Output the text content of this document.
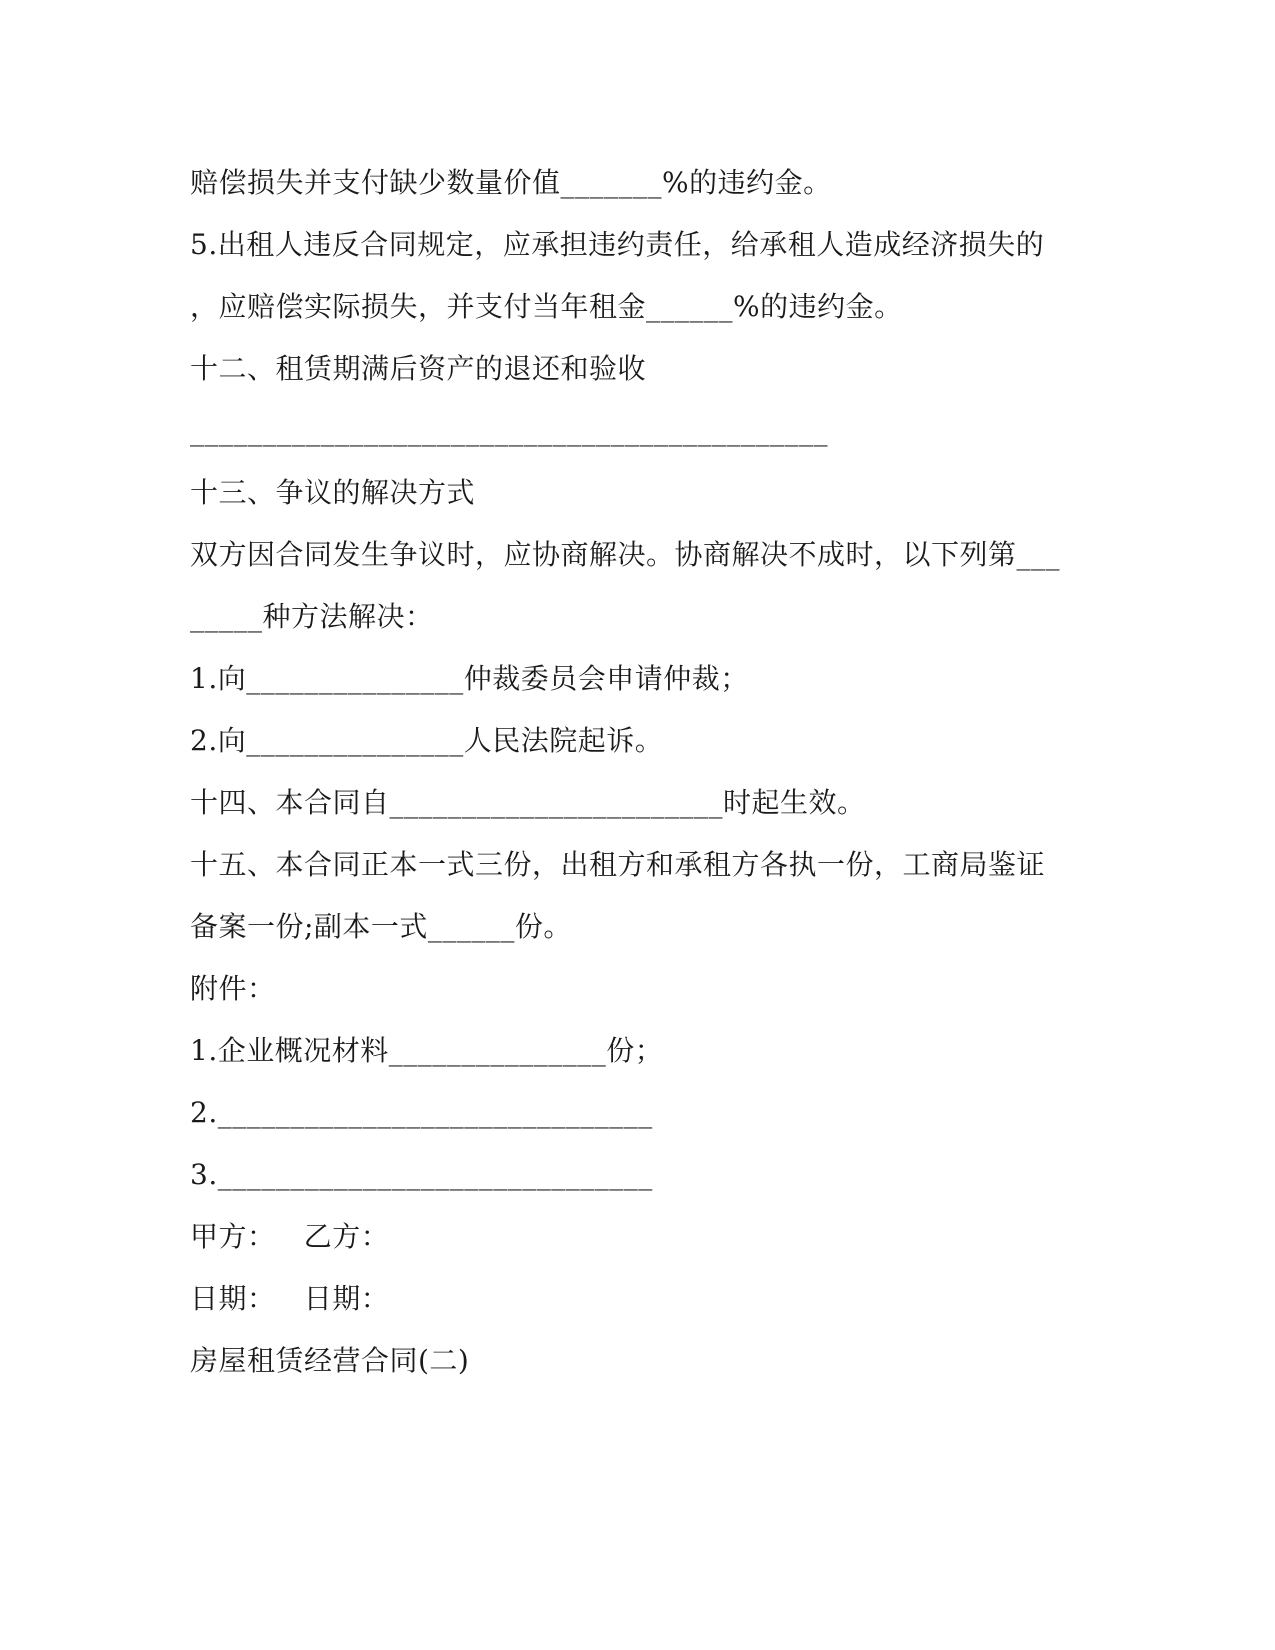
赔偿损失并支付缺少数量价值_______%的违约金。
5.出租人违反合同规定，应承担违约责任，给承租人造成经济损失的
，应赔偿实际损失，并支付当年租金______%的违约金。
十二、租赁期满后资产的退还和验收
____________________________________________
十三、争议的解决方式
双方因合同发生争议时，应协商解决。协商解决不成时，以下列第___
_____种方法解决：
1.向_______________仲裁委员会申请仲裁；
2.向_______________人民法院起诉。
十四、本合同自_______________________时起生效。
十五、本合同正本一式三份，出租方和承租方各执一份，工商局鉴证
备案一份;副本一式______份。
附件：
1.企业概况材料_______________份；
2.______________________________
3.______________________________
甲方：   乙方：
日期：   日期：
房屋租赁经营合同(二)
